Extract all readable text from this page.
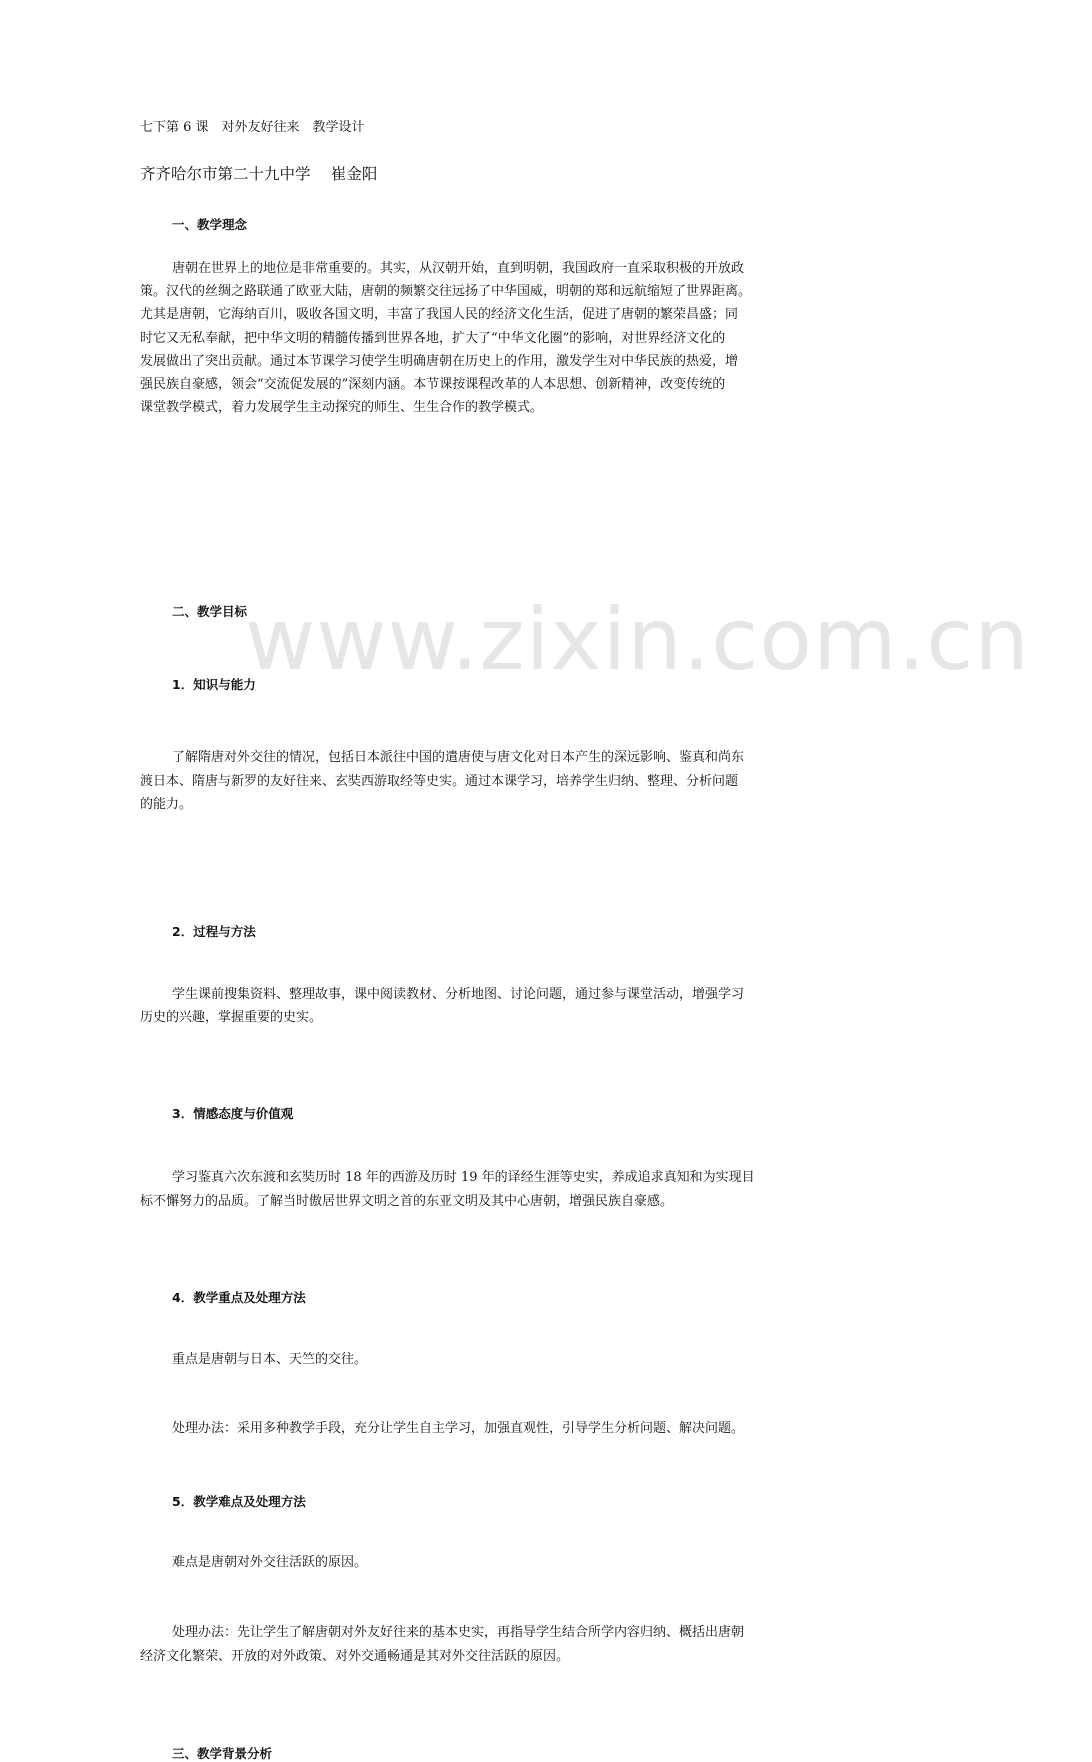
www.zixin.com.cn
七下第 6 课　对外友好往来　教学设计
齐齐哈尔市第二十九中学　 崔金阳
一、教学理念
唐朝在世界上的地位是非常重要的。其实，从汉朝开始，直到明朝，我国政府一直采取积极的开放政
策。汉代的丝绸之路联通了欧亚大陆，唐朝的频繁交往远扬了中华国威，明朝的郑和远航缩短了世界距离。
尤其是唐朝，它海纳百川，吸收各国文明，丰富了我国人民的经济文化生活，促进了唐朝的繁荣昌盛；同
时它又无私奉献，把中华文明的精髓传播到世界各地，扩大了“中华文化圈”的影响，对世界经济文化的
发展做出了突出贡献。通过本节课学习使学生明确唐朝在历史上的作用，激发学生对中华民族的热爱，增
强民族自豪感，领会“交流促发展的”深刻内涵。本节课按课程改革的人本思想、创新精神，改变传统的
课堂教学模式，着力发展学生主动探究的师生、生生合作的教学模式。
二、教学目标
1．知识与能力
了解隋唐对外交往的情况，包括日本派往中国的遣唐使与唐文化对日本产生的深远影响、鉴真和尚东
渡日本、隋唐与新罗的友好往来、玄奘西游取经等史实。通过本课学习，培养学生归纳、整理、分析问题
的能力。
2．过程与方法
学生课前搜集资料、整理故事，课中阅读教材、分析地图、讨论问题，通过参与课堂活动，增强学习
历史的兴趣，掌握重要的史实。
3．情感态度与价值观
学习鉴真六次东渡和玄奘历时 18 年的西游及历时 19 年的译经生涯等史实，养成追求真知和为实现目
标不懈努力的品质。了解当时傲居世界文明之首的东亚文明及其中心唐朝，增强民族自豪感。
4．教学重点及处理方法
重点是唐朝与日本、天竺的交往。
处理办法：采用多种教学手段，充分让学生自主学习，加强直观性，引导学生分析问题、解决问题。
5．教学难点及处理方法
难点是唐朝对外交往活跃的原因。
处理办法：先让学生了解唐朝对外友好往来的基本史实，再指导学生结合所学内容归纳、概括出唐朝
经济文化繁荣、开放的对外政策、对外交通畅通是其对外交往活跃的原因。
三、教学背景分析
